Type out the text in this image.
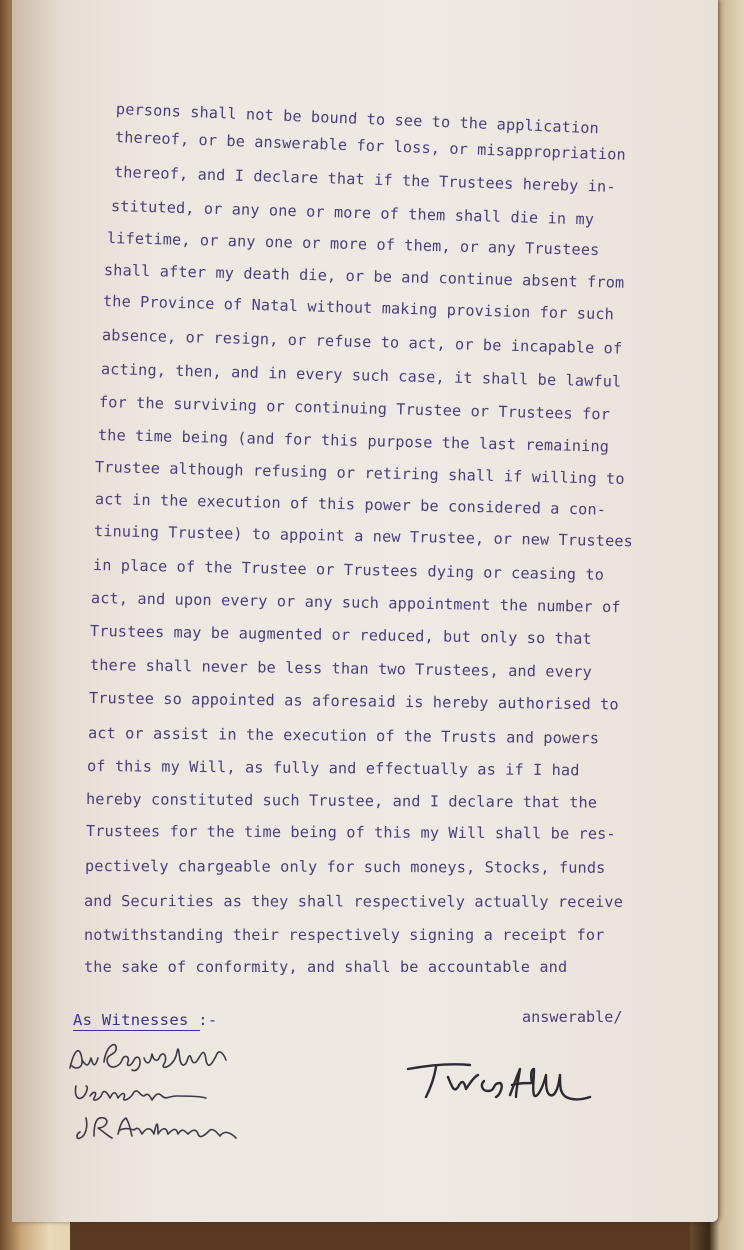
persons shall not be bound to see to the application
thereof, or be answerable for loss, or misappropriation
thereof, and I declare that if the Trustees hereby in-
stituted, or any one or more of them shall die in my
lifetime, or any one or more of them, or any Trustees
shall after my death die, or be and continue absent from
the Province of Natal without making provision for such
absence, or resign, or refuse to act, or be incapable of
acting, then, and in every such case, it shall be lawful
for the surviving or continuing Trustee or Trustees for
the time being (and for this purpose the last remaining
Trustee although refusing or retiring shall if willing to
act in the execution of this power be considered a con-
tinuing Trustee) to appoint a new Trustee, or new Trustees
in place of the Trustee or Trustees dying or ceasing to
act, and upon every or any such appointment the number of
Trustees may be augmented or reduced, but only so that
there shall never be less than two Trustees, and every
Trustee so appointed as aforesaid is hereby authorised to
act or assist in the execution of the Trusts and powers
of this my Will, as fully and effectually as if I had
hereby constituted such Trustee, and I declare that the
Trustees for the time being of this my Will shall be res-
pectively chargeable only for such moneys, Stocks, funds
and Securities as they shall respectively actually receive
notwithstanding their respectively signing a receipt for
the sake of conformity, and shall be accountable and
answerable/
As Witnesses :-
